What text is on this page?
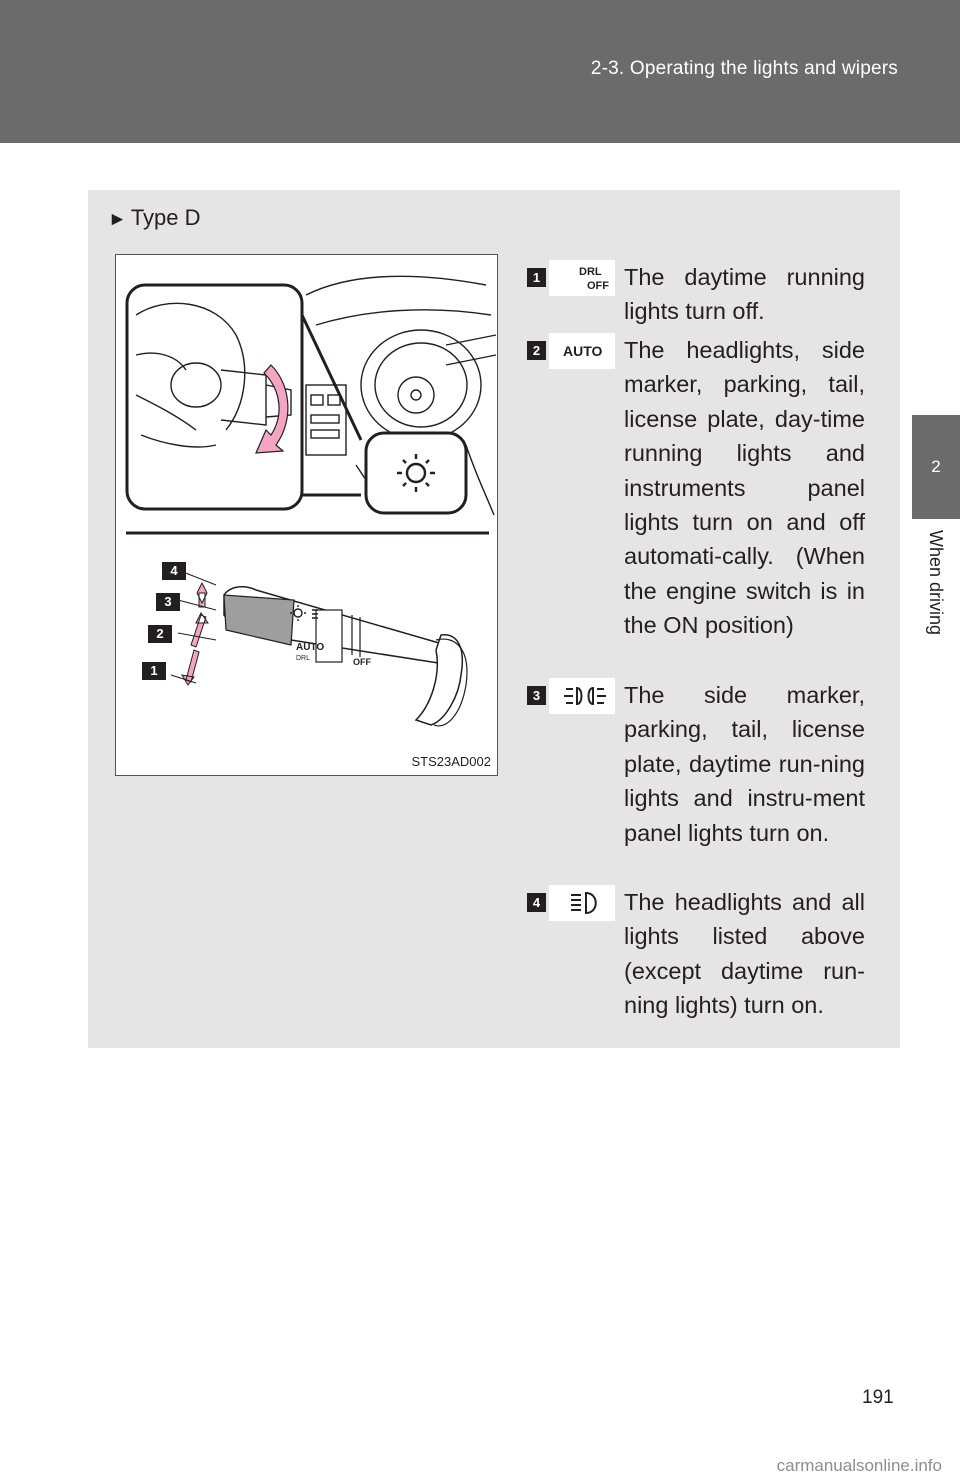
2-3. Operating the lights and wipers
2
When driving
► Type D
AUTO
DRL	OFF
4
3
2
1
STS23AD002
1	DRL
OFF The daytime running lights turn off.
2	AUTO The headlights, side marker, parking, tail, license plate, day-time running lights and instruments panel lights turn on and off automati-cally. (When the engine switch is in the ON position)
3	The side marker, parking, tail, license plate, daytime run-ning lights and instru-ment panel lights turn on.
4	The headlights and all lights listed above (except daytime run-ning lights) turn on.
191
carmanualsonline.info
